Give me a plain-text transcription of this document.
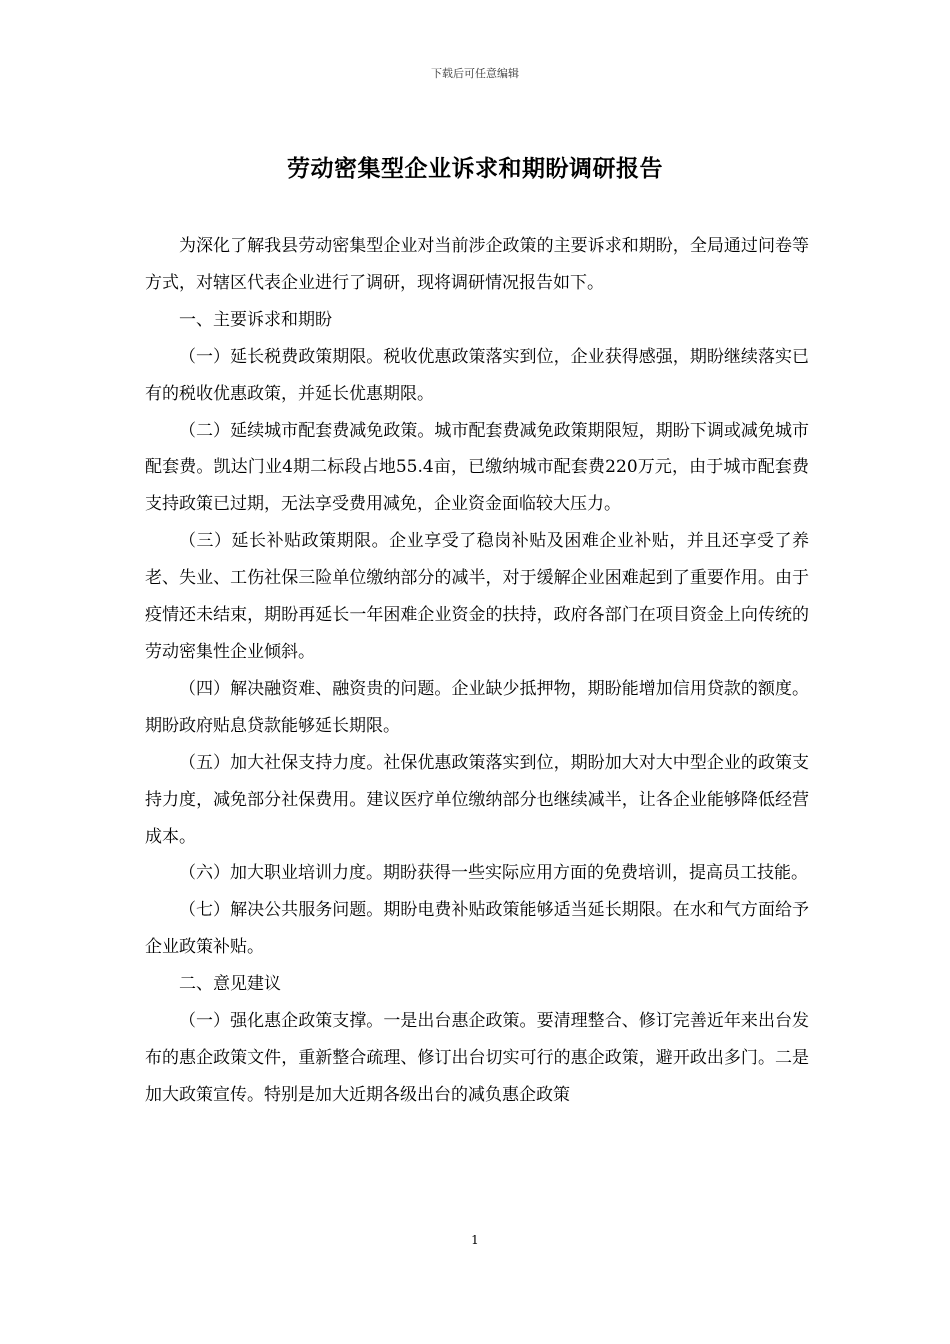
下载后可任意编辑
劳动密集型企业诉求和期盼调研报告

为深化了解我县劳动密集型企业对当前涉企政策的主要诉求和期盼，全局通过问卷等方式，对辖区代表企业进行了调研，现将调研情况报告如下。

一、主要诉求和期盼

（一）延长税费政策期限。税收优惠政策落实到位，企业获得感强，期盼继续落实已有的税收优惠政策，并延长优惠期限。

（二）延续城市配套费减免政策。城市配套费减免政策期限短，期盼下调或减免城市配套费。凯达门业4期二标段占地55.4亩，已缴纳城市配套费220万元，由于城市配套费支持政策已过期，无法享受费用减免，企业资金面临较大压力。

（三）延长补贴政策期限。企业享受了稳岗补贴及困难企业补贴，并且还享受了养老、失业、工伤社保三险单位缴纳部分的减半，对于缓解企业困难起到了重要作用。由于疫情还未结束，期盼再延长一年困难企业资金的扶持，政府各部门在项目资金上向传统的劳动密集性企业倾斜。

（四）解决融资难、融资贵的问题。企业缺少抵押物，期盼能增加信用贷款的额度。期盼政府贴息贷款能够延长期限。

（五）加大社保支持力度。社保优惠政策落实到位，期盼加大对大中型企业的政策支持力度，减免部分社保费用。建议医疗单位缴纳部分也继续减半，让各企业能够降低经营成本。

（六）加大职业培训力度。期盼获得一些实际应用方面的免费培训，提高员工技能。

（七）解决公共服务问题。期盼电费补贴政策能够适当延长期限。在水和气方面给予企业政策补贴。

二、意见建议

（一）强化惠企政策支撑。一是出台惠企政策。要清理整合、修订完善近年来出台发布的惠企政策文件，重新整合疏理、修订出台切实可行的惠企政策，避开政出多门。二是加大政策宣传。特别是加大近期各级出台的减负惠企政策

1
